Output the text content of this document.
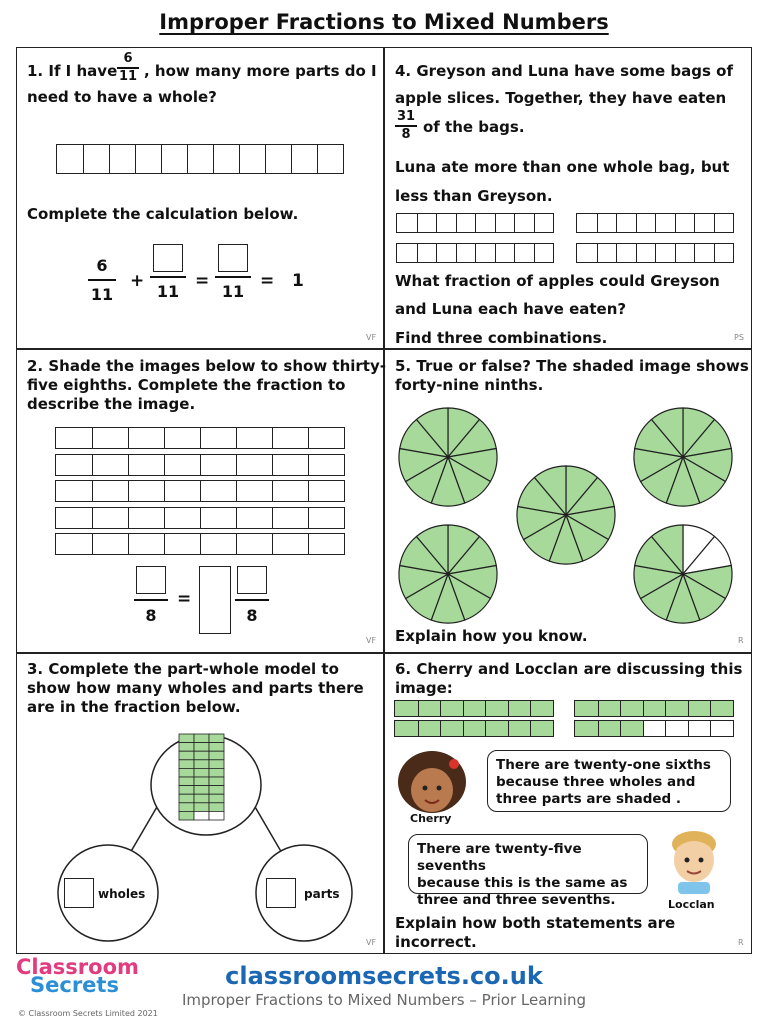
Improper Fractions to Mixed Numbers
1. If I have
6
11 , how many more parts do I
need to have a whole?
Complete the calculation below.
6
11
+
11
=
11
= 1
VF
4. Greyson and Luna have some bags of
apple slices. Together, they have eaten
31
8 of the bags.
Luna ate more than one whole bag, but
less than Greyson.
What fraction of apples could Greyson
and Luna each have eaten?
Find three combinations.	PS
2. Shade the images below to show thirty-
five eighths. Complete the fraction to
describe the image.
8
=
8
VF
5. True or false? The shaded image shows
forty-nine ninths.
Explain how you know.	R
3. Complete the part-whole model to
show how many wholes and parts there
are in the fraction below.
wholes	parts
VF
6. Cherry and Locclan are discussing this
image:
Cherry
There are twenty-one sixths
because three wholes and
three parts are shaded .
There are twenty-five sevenths
because this is the same as
three and three sevenths.	Locclan
Explain how both statements are
incorrect.	R
Classroom
Secrets	classroomsecrets.co.uk
Improper Fractions to Mixed Numbers – Prior Learning
© Classroom Secrets Limited 2021
